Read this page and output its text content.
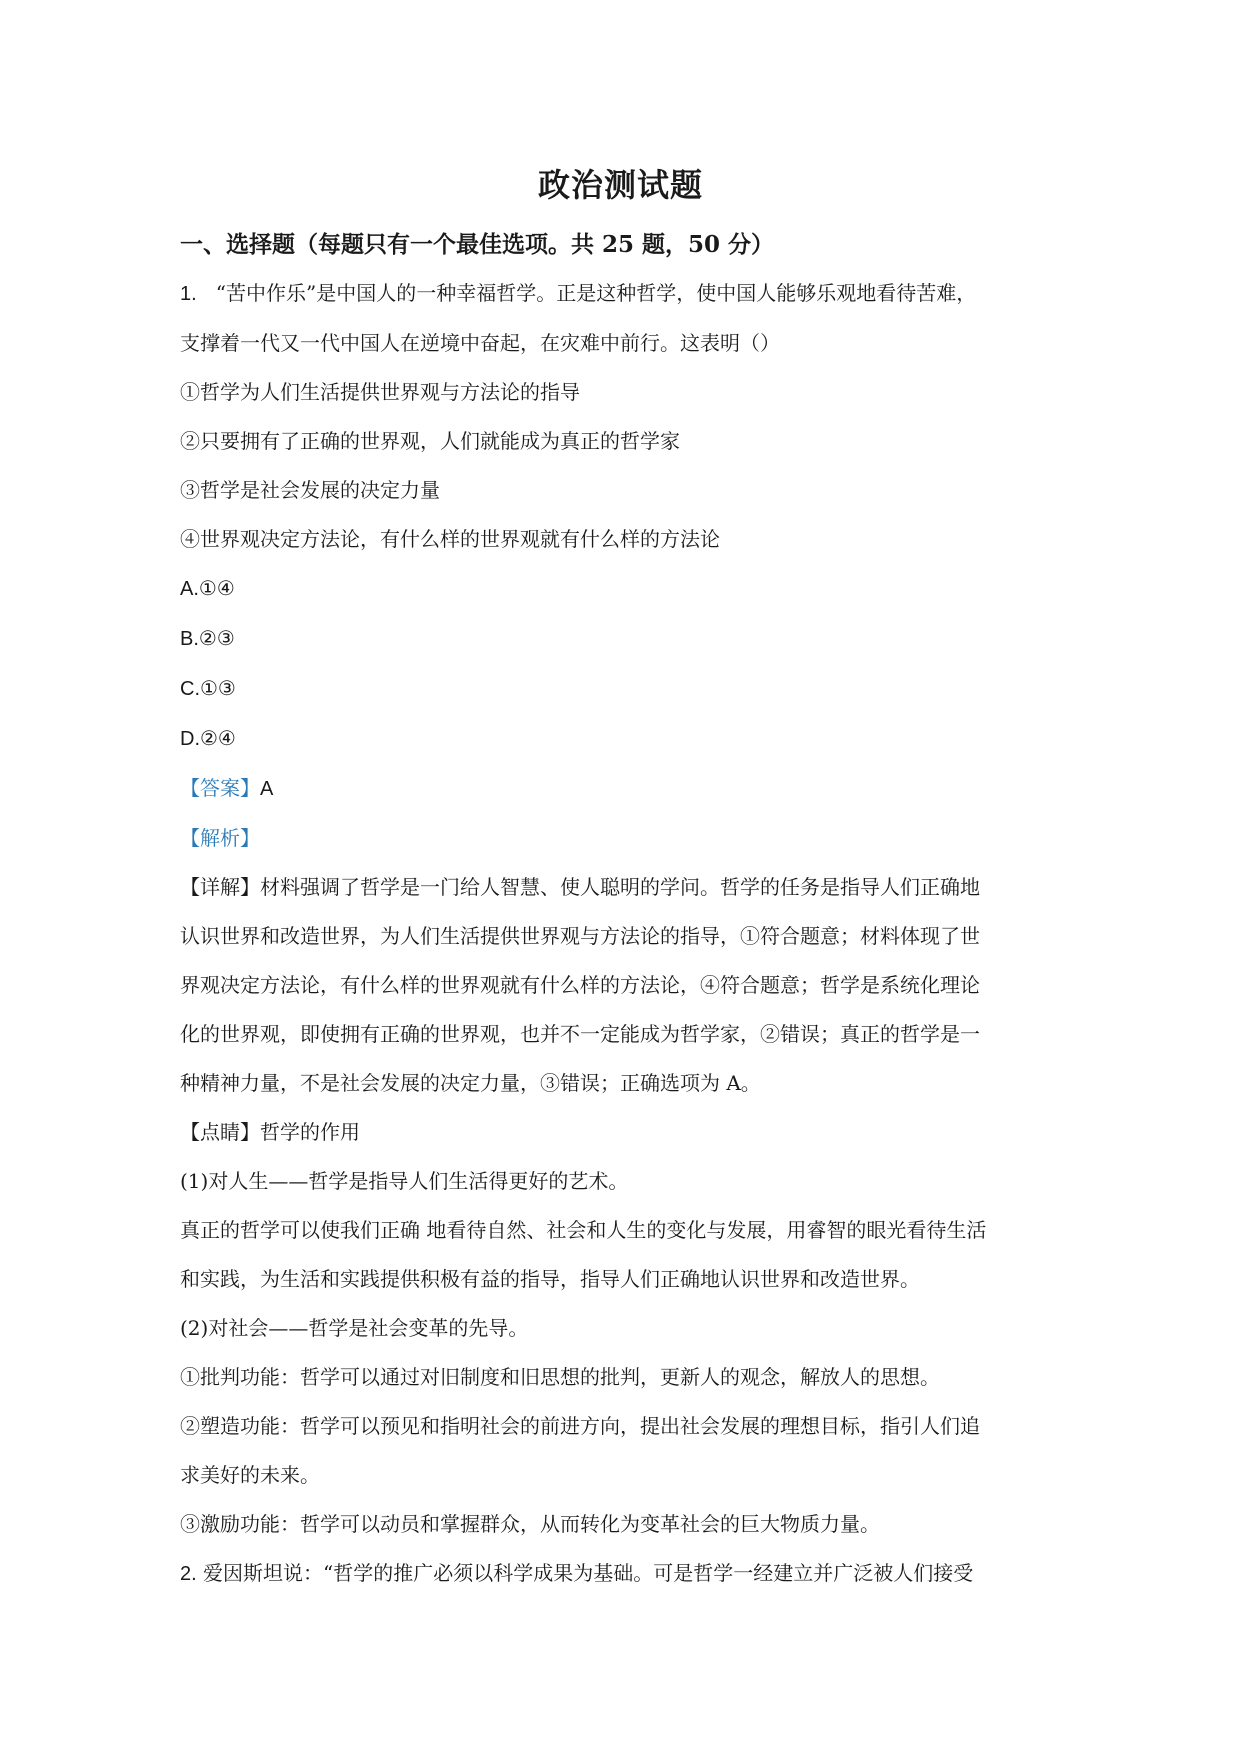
政治测试题
一、选择题（每题只有一个最佳选项。共 25 题，50 分）

1. “苦中作乐”是中国人的一种幸福哲学。正是这种哲学，使中国人能够乐观地看待苦难，

支撑着一代又一代中国人在逆境中奋起，在灾难中前行。这表明（）

①哲学为人们生活提供世界观与方法论的指导

②只要拥有了正确的世界观，人们就能成为真正的哲学家

③哲学是社会发展的决定力量

④世界观决定方法论，有什么样的世界观就有什么样的方法论

A.①④

B.②③

C.①③

D.②④

【答案】A

【解析】

【详解】材料强调了哲学是一门给人智慧、使人聪明的学问。哲学的任务是指导人们正确地

认识世界和改造世界，为人们生活提供世界观与方法论的指导，①符合题意；材料体现了世

界观决定方法论，有什么样的世界观就有什么样的方法论，④符合题意；哲学是系统化理论

化的世界观，即使拥有正确的世界观，也并不一定能成为哲学家，②错误；真正的哲学是一

种精神力量，不是社会发展的决定力量，③错误；正确选项为 A。

【点睛】哲学的作用

(1)对人生——哲学是指导人们生活得更好的艺术。

真正的哲学可以使我们正确 地看待自然、社会和人生的变化与发展，用睿智的眼光看待生活

和实践，为生活和实践提供积极有益的指导，指导人们正确地认识世界和改造世界。

(2)对社会——哲学是社会变革的先导。

①批判功能：哲学可以通过对旧制度和旧思想的批判，更新人的观念，解放人的思想。

②塑造功能：哲学可以预见和指明社会的前进方向，提出社会发展的理想目标，指引人们追

求美好的未来。

③激励功能：哲学可以动员和掌握群众，从而转化为变革社会的巨大物质力量。

2. 爱因斯坦说：“哲学的推广必须以科学成果为基础。可是哲学一经建立并广泛被人们接受
